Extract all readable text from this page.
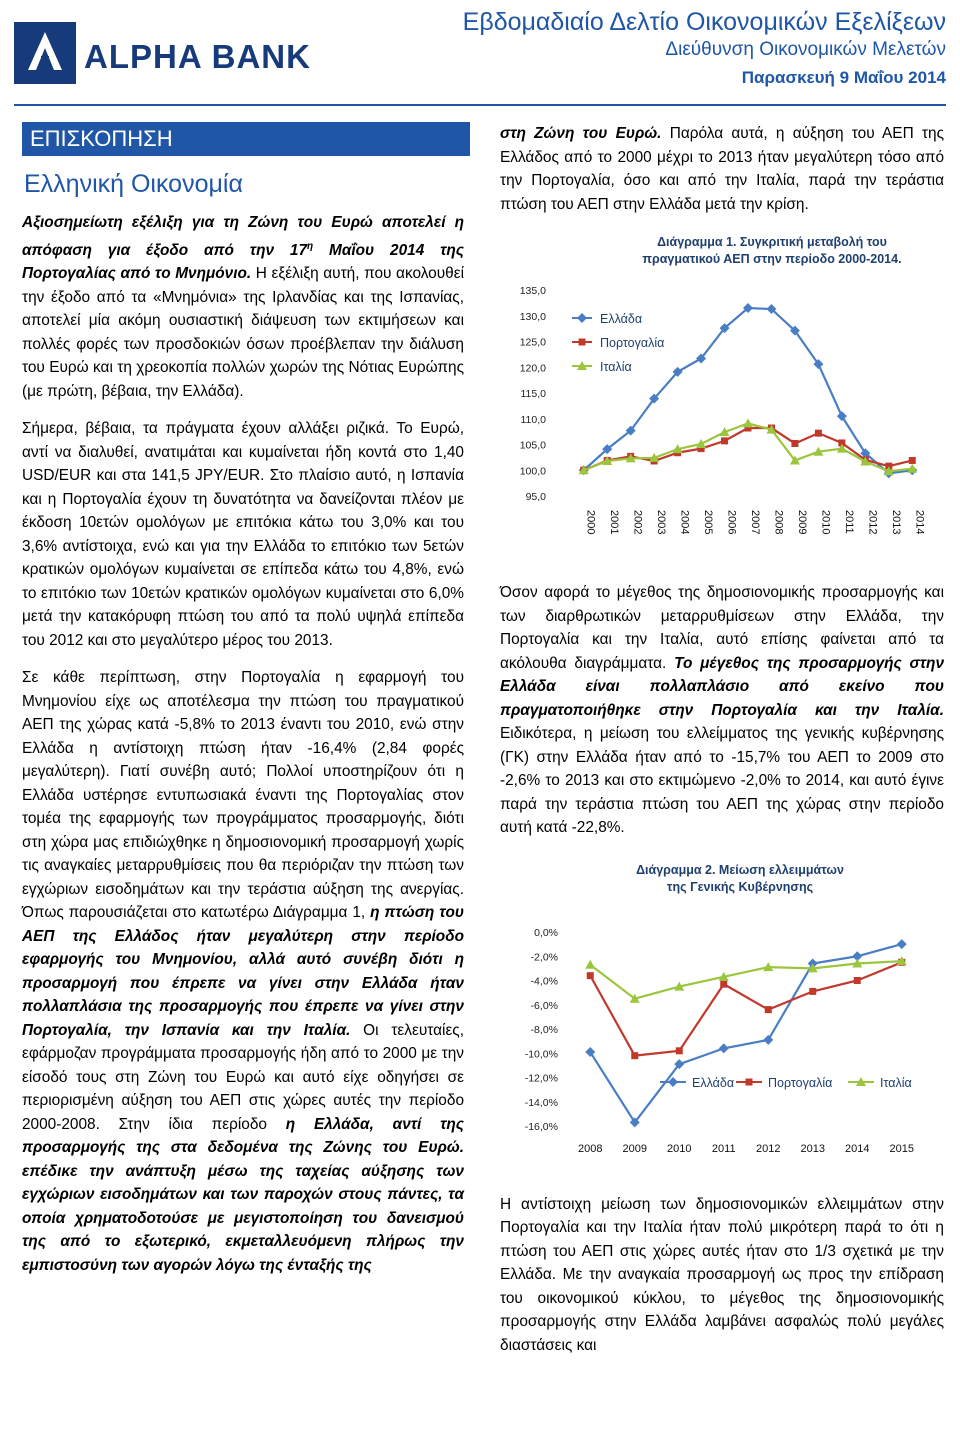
ALPHA BANK
Εβδομαδιαίο Δελτίο Οικονομικών Εξελίξεων
Διεύθυνση Οικονομικών Μελετών
Παρασκευή 9 Μαΐου 2014
ΕΠΙΣΚΟΠΗΣΗ
Ελληνική Οικονομία

Αξιοσημείωτη εξέλιξη για τη Ζώνη του Ευρώ αποτελεί η απόφαση για έξοδο από την $17^\eta$ Μαΐου 2014 της Πορτογαλίας από το Μνημόνιο. Η εξέλιξη αυτή, που ακολουθεί την έξοδο από τα «Μνημόνια» της Ιρλανδίας και της Ισπανίας, αποτελεί μία ακόμη ουσιαστική διάψευση των εκτιμήσεων και πολλές φορές των προσδοκιών όσων προέβλεπαν την διάλυση του Ευρώ και τη χρεοκοπία πολλών χωρών της Νότιας Ευρώπης (με πρώτη, βέβαια, την Ελλάδα).

Σήμερα, βέβαια, τα πράγματα έχουν αλλάξει ριζικά. Το Ευρώ, αντί να διαλυθεί, ανατιμάται και κυμαίνεται ήδη κοντά στο 1,40 USD/EUR και στα 141,5 JPY/EUR. Στο πλαίσιο αυτό, η Ισπανία και η Πορτογαλία έχουν τη δυνατότητα να δανείζονται πλέον με έκδοση 10ετών ομολόγων με επιτόκια κάτω του 3,0% και του 3,6% αντίστοιχα, ενώ και για την Ελλάδα το επιτόκιο των 5ετών κρατικών ομολόγων κυμαίνεται σε επίπεδα κάτω του 4,8%, ενώ το επιτόκιο των 10ετών κρατικών ομολόγων κυμαίνεται στο 6,0% μετά την κατακόρυφη πτώση του από τα πολύ υψηλά επίπεδα του 2012 και στο μεγαλύτερο μέρος του 2013.

Σε κάθε περίπτωση, στην Πορτογαλία η εφαρμογή του Μνημονίου είχε ως αποτέλεσμα την πτώση του πραγματικού ΑΕΠ της χώρας κατά -5,8% το 2013 έναντι του 2010, ενώ στην Ελλάδα η αντίστοιχη πτώση ήταν -16,4% (2,84 φορές μεγαλύτερη). Γιατί συνέβη αυτό; Πολλοί υποστηρίζουν ότι η Ελλάδα υστέρησε εντυπωσιακά έναντι της Πορτογαλίας στον τομέα της εφαρμογής των προγράμματος προσαρμογής, διότι στη χώρα μας επιδιώχθηκε η δημοσιονομική προσαρμογή χωρίς τις αναγκαίες μεταρρυθμίσεις που θα περιόριζαν την πτώση των εγχώριων εισοδημάτων και την τεράστια αύξηση της ανεργίας. Όπως παρουσιάζεται στο κατωτέρω Διάγραμμα 1, η πτώση του ΑΕΠ της Ελλάδος ήταν μεγαλύτερη στην περίοδο εφαρμογής του Μνημονίου, αλλά αυτό συνέβη διότι η προσαρμογή που έπρεπε να γίνει στην Ελλάδα ήταν πολλαπλάσια της προσαρμογής που έπρεπε να γίνει στην Πορτογαλία, την Ισπανία και την Ιταλία. Οι τελευταίες, εφάρμοζαν προγράμματα προσαρμογής ήδη από το 2000 με την είσοδό τους στη Ζώνη του Ευρώ και αυτό είχε οδηγήσει σε περιορισμένη αύξηση του ΑΕΠ στις χώρες αυτές την περίοδο 2000-2008. Στην ίδια περίοδο η Ελλάδα, αντί της προσαρμογής της στα δεδομένα της Ζώνης του Ευρώ. επέδικε την ανάπτυξη μέσω της ταχείας αύξησης των εγχώριων εισοδημάτων και των παροχών στους πάντες, τα οποία χρηματοδοτούσε με μεγιστοποίηση του δανεισμού της από το εξωτερικό, εκμεταλλευόμενη πλήρως την εμπιστοσύνη των αγορών λόγω της ένταξής της

στη Ζώνη του Ευρώ. Παρόλα αυτά, η αύξηση του ΑΕΠ της Ελλάδος από το 2000 μέχρι το 2013 ήταν μεγαλύτερη τόσο από την Πορτογαλία, όσο και από την Ιταλία, παρά την τεράστια πτώση του ΑΕΠ στην Ελλάδα μετά την κρίση.

Διάγραμμα 1. Συγκριτική μεταβολή του
πραγματικού ΑΕΠ στην περίοδο 2000-2014.
135,0
130,0
125,0
120,0
115,0
110,0
105,0
100,0
95,0
2000 2001 2002 2003 2004 2005 2006 2007 2008 2009 2010 2011 2012 2013 2014
Ελλάδα
Πορτογαλία
Ιταλία

Όσον αφορά το μέγεθος της δημοσιονομικής προσαρμογής και των διαρθρωτικών μεταρρυθμίσεων στην Ελλάδα, την Πορτογαλία και την Ιταλία, αυτό επίσης φαίνεται από τα ακόλουθα διαγράμματα. Το μέγεθος της προσαρμογής στην Ελλάδα είναι πολλαπλάσιο από εκείνο που πραγματοποιήθηκε στην Πορτογαλία και την Ιταλία. Ειδικότερα, η μείωση του ελλείμματος της γενικής κυβέρνησης (ΓΚ) στην Ελλάδα ήταν από το -15,7% του ΑΕΠ το 2009 στο -2,6% το 2013 και στο εκτιμώμενο -2,0% το 2014, και αυτό έγινε παρά την τεράστια πτώση του ΑΕΠ της χώρας στην περίοδο αυτή κατά -22,8%.

Διάγραμμα 2. Μείωση ελλειμμάτων
της Γενικής Κυβέρνησης
0,0%
-2,0%
-4,0%
-6,0%
-8,0%
-10,0%
-12,0%
-14,0%
-16,0%
2008 2009 2010 2011 2012 2013 2014 2015
Ελλάδα	Πορτογαλία	Ιταλία

Η αντίστοιχη μείωση των δημοσιονομικών ελλειμμάτων στην Πορτογαλία και την Ιταλία ήταν πολύ μικρότερη παρά το ότι η πτώση του ΑΕΠ στις χώρες αυτές ήταν στο 1/3 σχετικά με την Ελλάδα. Με την αναγκαία προσαρμογή ως προς την επίδραση του οικονομικού κύκλου, το μέγεθος της δημοσιονομικής προσαρμογής στην Ελλάδα λαμβάνει ασφαλώς πολύ μεγάλες διαστάσεις και
